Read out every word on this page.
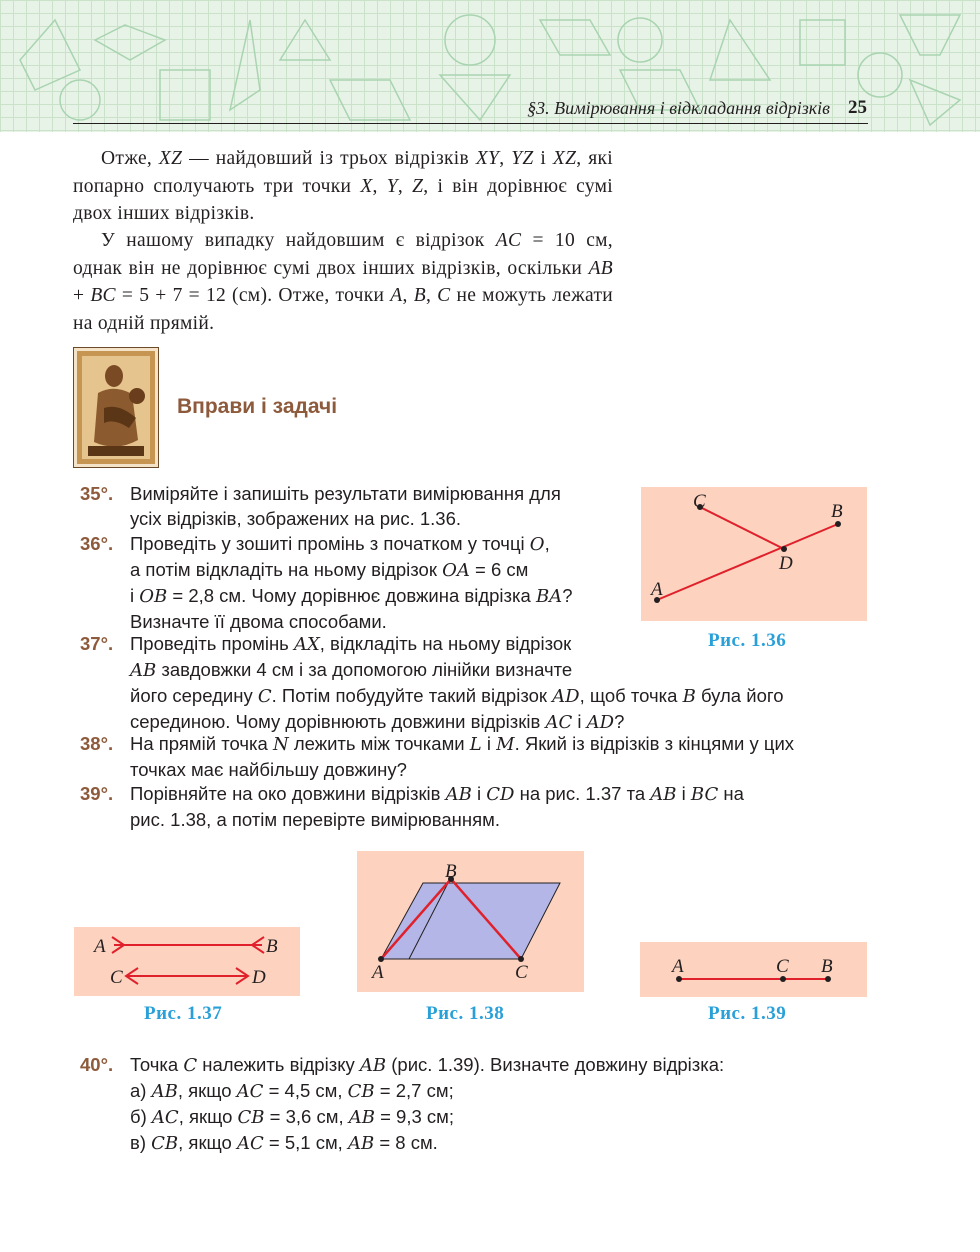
§3. Вимірювання і відкладання відрізків 25

Отже, XZ — найдовший із трьох відрізків XY, YZ і XZ, які попарно сполучають три точки X, Y, Z, і він дорівнює сумі двох інших відрізків.

У нашому випадку найдовшим є відрізок AC = 10 см, однак він не дорівнює сумі двох інших відрізків, оскільки AB + BC = 5 + 7 = 12 (см). Отже, точки A, B, C не можуть лежати на одній прямій.

Вправи і задачі
35°. Виміряйте і запишіть результати вимірювання для
усіх відрізків, зображених на рис. 1.36.
36°. Проведіть у зошиті промінь з початком у точці O,
а потім відкладіть на ньому відрізок OA = 6 см
і OB = 2,8 см. Чому дорівнює довжина відрізка BA?
Визначте її двома способами.
37°. Проведіть промінь AX, відкладіть на ньому відрізок
AB завдовжки 4 см і за допомогою лінійки визначте
його середину C. Потім побудуйте такий відрізок AD, щоб точка B була його
серединою. Чому дорівнюють довжини відрізків AC і AD?
38°. На прямій точка N лежить між точками L і M. Який із відрізків з кінцями у цих
точках має найбільшу довжину?
39°. Порівняйте на око довжини відрізків AB і CD на рис. 1.37 та AB і BC на
рис. 1.38, а потім перевірте вимірюванням.
C	B
D
A
Рис. 1.36
A	B
C	D
Рис. 1.37
B
A	C
Рис. 1.38
A	C B
Рис. 1.39
40°. Точка C належить відрізку AB (рис. 1.39). Визначте довжину відрізка:
а) AB, якщо AC = 4,5 см, CB = 2,7 см;
б) AC, якщо CB = 3,6 см, AB = 9,3 см;
в) CB, якщо AC = 5,1 см, AB = 8 см.
